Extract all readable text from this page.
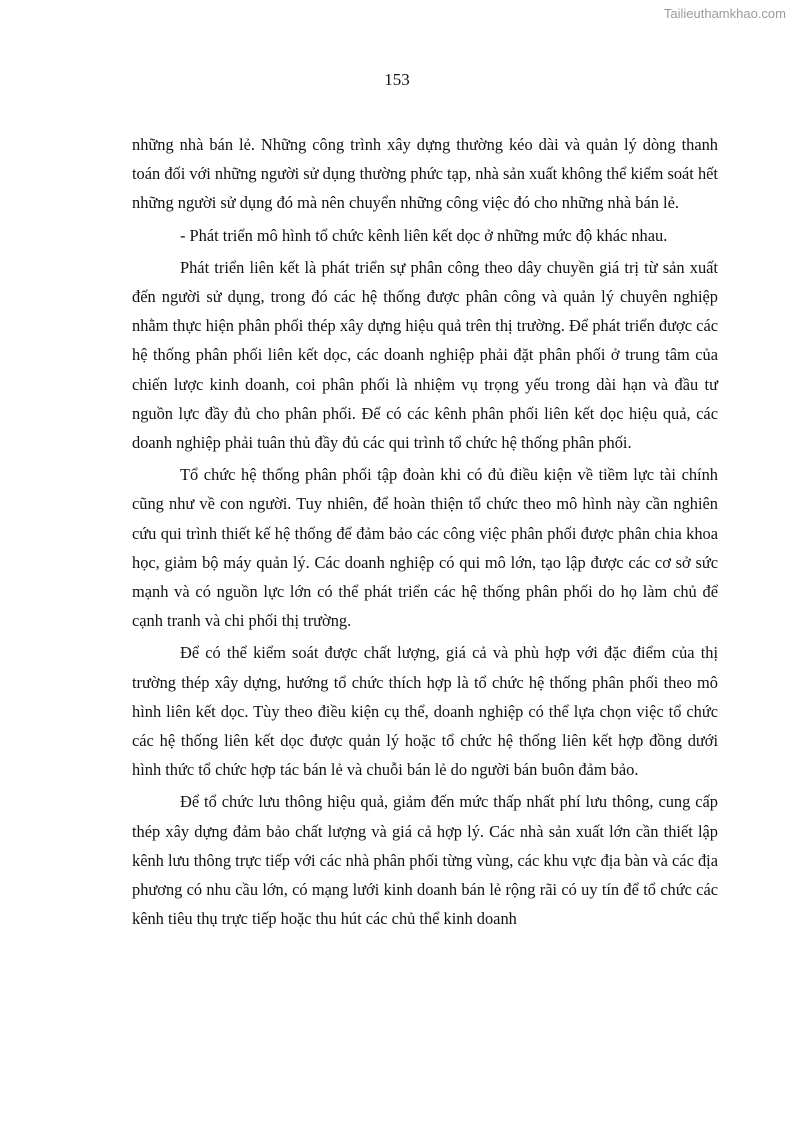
Tailieuthamkhao.com
153

những nhà bán lẻ. Những công trình xây dựng thường kéo dài và quản lý dòng thanh toán đối với những người sử dụng thường phức tạp, nhà sản xuất không thể kiểm soát hết những người sử dụng đó mà nên chuyển những công việc đó cho những nhà bán lẻ.

- Phát triển mô hình tổ chức kênh liên kết dọc ở những mức độ khác nhau.

Phát triển liên kết là phát triển sự phân công theo dây chuyền giá trị từ sản xuất đến người sử dụng, trong đó các hệ thống được phân công và quản lý chuyên nghiệp nhằm thực hiện phân phối thép xây dựng hiệu quả trên thị trường. Để phát triển được các hệ thống phân phối liên kết dọc, các doanh nghiệp phải đặt phân phối ở trung tâm của chiến lược kinh doanh, coi phân phối là nhiệm vụ trọng yếu trong dài hạn và đầu tư nguồn lực đầy đủ cho phân phối. Để có các kênh phân phối liên kết dọc hiệu quả, các doanh nghiệp phải tuân thủ đầy đủ các qui trình tổ chức hệ thống phân phối.

Tổ chức hệ thống phân phối tập đoàn khi có đủ điều kiện về tiềm lực tài chính cũng như về con người. Tuy nhiên, để hoàn thiện tổ chức theo mô hình này cần nghiên cứu qui trình thiết kế hệ thống để đảm bảo các công việc phân phối được phân chia khoa học, giảm bộ máy quản lý. Các doanh nghiệp có qui mô lớn, tạo lập được các cơ sở sức mạnh và có nguồn lực lớn có thể phát triển các hệ thống phân phối do họ làm chủ để cạnh tranh và chi phối thị trường.

Để có thể kiểm soát được chất lượng, giá cả và phù hợp với đặc điểm của thị trường thép xây dựng, hướng tổ chức thích hợp là tổ chức hệ thống phân phối theo mô hình liên kết dọc. Tùy theo điều kiện cụ thể, doanh nghiệp có thể lựa chọn việc tổ chức các hệ thống liên kết dọc được quản lý hoặc tổ chức hệ thống liên kết hợp đồng dưới hình thức tổ chức hợp tác bán lẻ và chuỗi bán lẻ do người bán buôn đảm bảo.

Để tổ chức lưu thông hiệu quả, giảm đến mức thấp nhất phí lưu thông, cung cấp thép xây dựng đảm bảo chất lượng và giá cả hợp lý. Các nhà sản xuất lớn cần thiết lập kênh lưu thông trực tiếp với các nhà phân phối từng vùng, các khu vực địa bàn và các địa phương có nhu cầu lớn, có mạng lưới kinh doanh bán lẻ rộng rãi có uy tín để tổ chức các kênh tiêu thụ trực tiếp hoặc thu hút các chủ thể kinh doanh
